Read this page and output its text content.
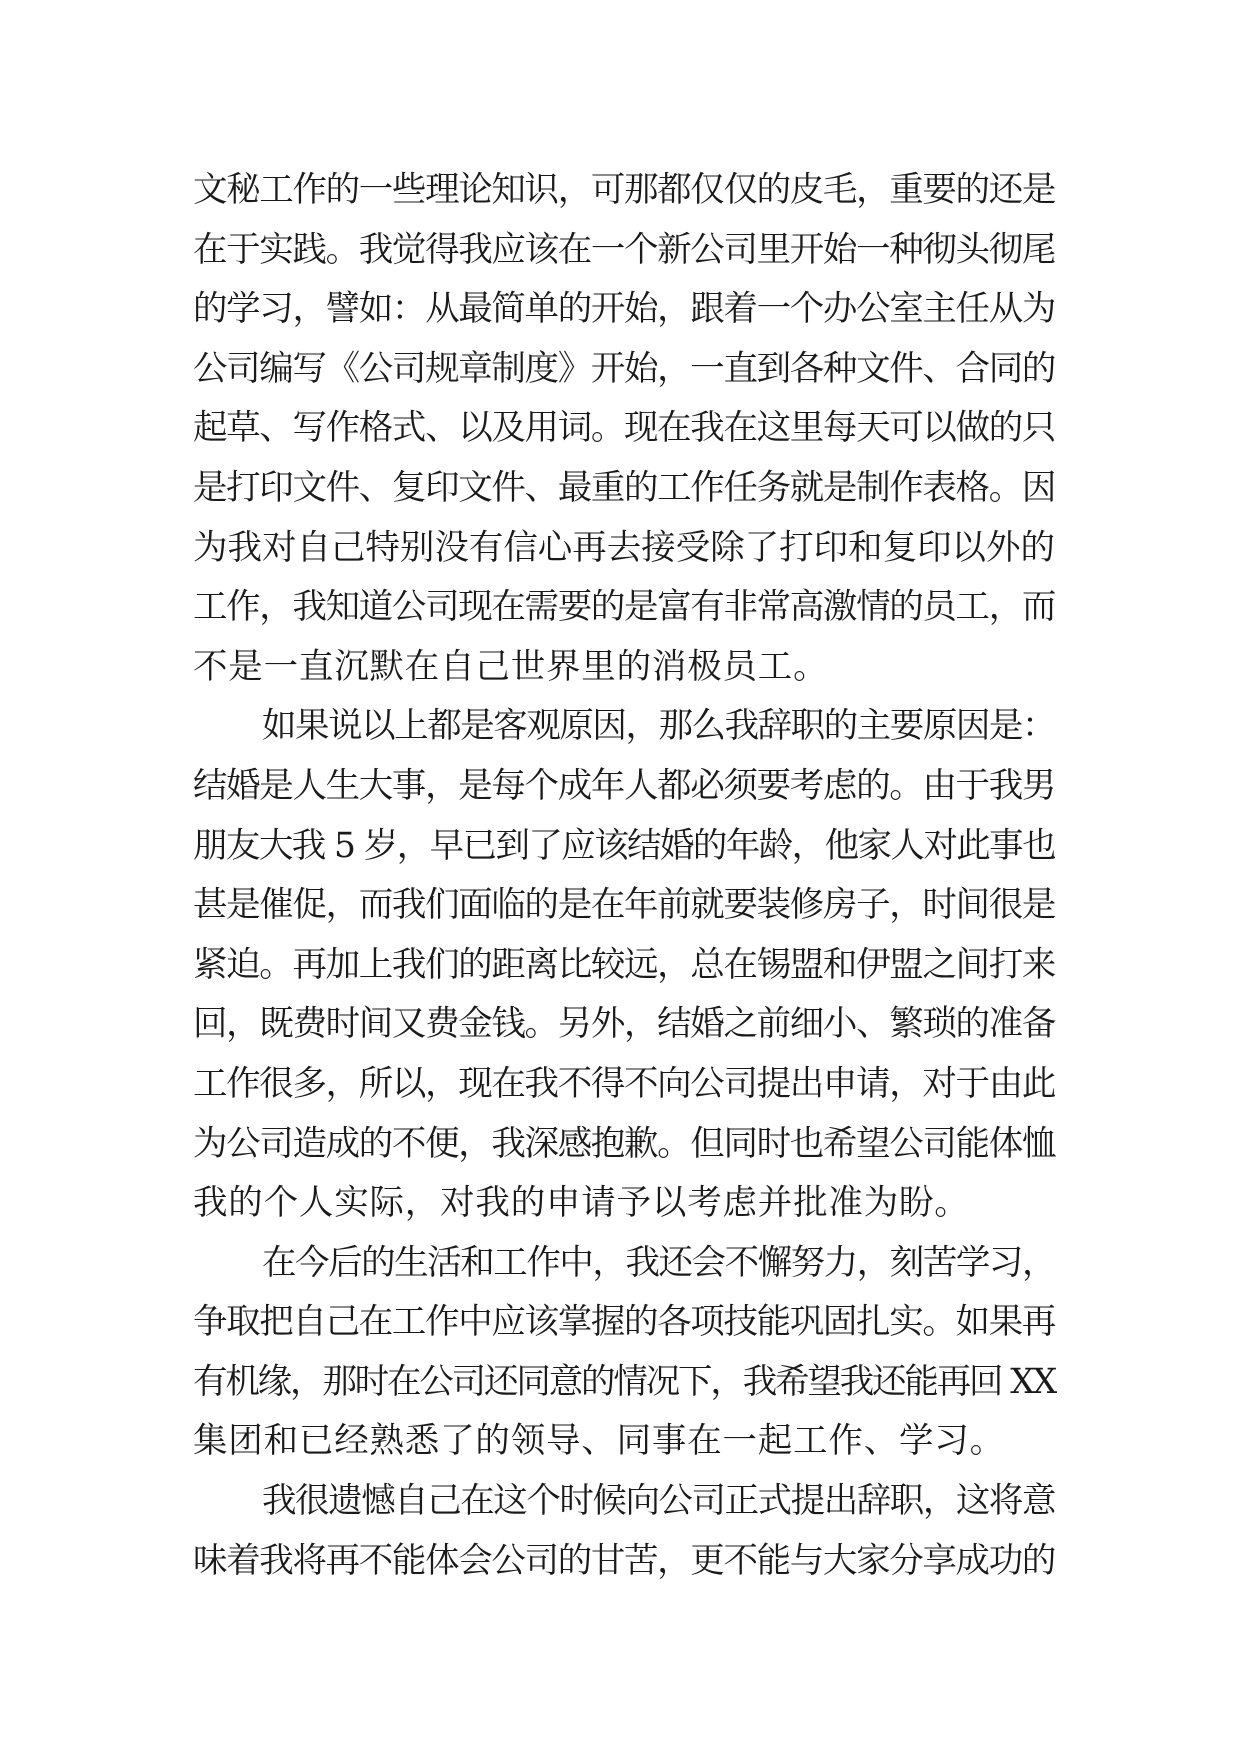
文秘工作的一些理论知识，可那都仅仅的皮毛，重要的还是
在于实践。我觉得我应该在一个新公司里开始一种彻头彻尾
的学习，譬如：从最简单的开始，跟着一个办公室主任从为
公司编写《公司规章制度》开始，一直到各种文件、合同的
起草、写作格式、以及用词。现在我在这里每天可以做的只
是打印文件、复印文件、最重的工作任务就是制作表格。因
为我对自己特别没有信心再去接受除了打印和复印以外的
工作，我知道公司现在需要的是富有非常高激情的员工，而
不是一直沉默在自己世界里的消极员工。
如果说以上都是客观原因，那么我辞职的主要原因是：
结婚是人生大事，是每个成年人都必须要考虑的。由于我男
朋友大我 5 岁，早已到了应该结婚的年龄，他家人对此事也
甚是催促，而我们面临的是在年前就要装修房子，时间很是
紧迫。再加上我们的距离比较远，总在锡盟和伊盟之间打来
回，既费时间又费金钱。另外，结婚之前细小、繁琐的准备
工作很多，所以，现在我不得不向公司提出申请，对于由此
为公司造成的不便，我深感抱歉。但同时也希望公司能体恤
我的个人实际，对我的申请予以考虑并批准为盼。
在今后的生活和工作中，我还会不懈努力，刻苦学习，
争取把自己在工作中应该掌握的各项技能巩固扎实。如果再
有机缘，那时在公司还同意的情况下，我希望我还能再回 XX
集团和已经熟悉了的领导、同事在一起工作、学习。
我很遗憾自己在这个时候向公司正式提出辞职，这将意
味着我将再不能体会公司的甘苦，更不能与大家分享成功的
